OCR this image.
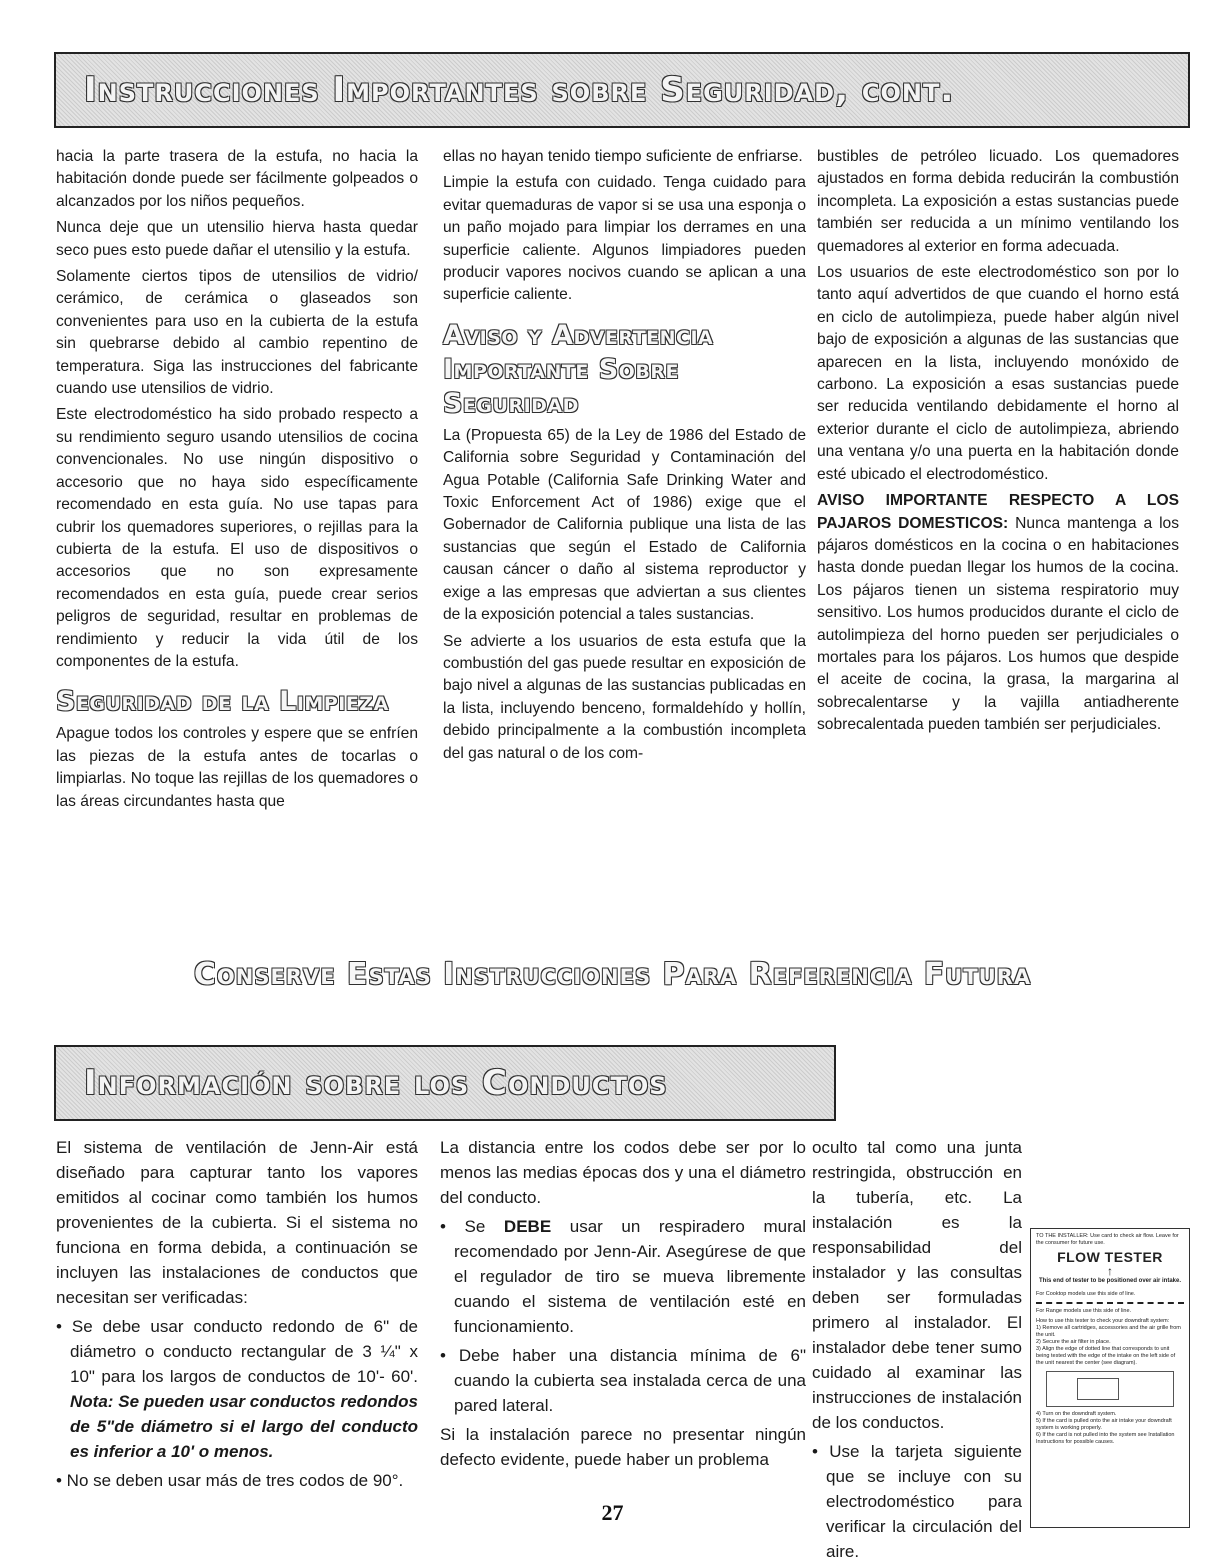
Instrucciones Importantes sobre Seguridad, cont.

hacia la parte trasera de la estufa, no hacia la habitación donde puede ser fácilmente golpeados o alcanzados por los niños pequeños.

Nunca deje que un utensilio hierva hasta quedar seco pues esto puede dañar el utensilio y la estufa.

Solamente ciertos tipos de utensilios de vidrio/ cerámico, de cerámica o glaseados son convenientes para uso en la cubierta de la estufa sin quebrarse debido al cambio repentino de temperatura. Siga las instrucciones del fabricante cuando use utensilios de vidrio.

Este electrodoméstico ha sido probado respecto a su rendimiento seguro usando utensilios de cocina convencionales. No use ningún dispositivo o accesorio que no haya sido específicamente recomendado en esta guía. No use tapas para cubrir los quemadores superiores, o rejillas para la cubierta de la estufa. El uso de dispositivos o accesorios que no son expresamente recomendados en esta guía, puede crear serios peligros de seguridad, resultar en problemas de rendimiento y reducir la vida útil de los componentes de la estufa.

Seguridad de la Limpieza

Apague todos los controles y espere que se enfríen las piezas de la estufa antes de tocarlas o limpiarlas. No toque las rejillas de los quemadores o las áreas circundantes hasta que

ellas no hayan tenido tiempo suficiente de enfriarse.

Limpie la estufa con cuidado. Tenga cuidado para evitar quemaduras de vapor si se usa una esponja o un paño mojado para limpiar los derrames en una superficie caliente. Algunos limpiadores pueden producir vapores nocivos cuando se aplican a una superficie caliente.

Aviso y Advertencia Importante Sobre Seguridad

La (Propuesta 65) de la Ley de 1986 del Estado de California sobre Seguridad y Contaminación del Agua Potable (California Safe Drinking Water and Toxic Enforcement Act of 1986) exige que el Gobernador de California publique una lista de las sustancias que según el Estado de California causan cáncer o daño al sistema reproductor y exige a las empresas que adviertan a sus clientes de la exposición potencial a tales sustancias.

Se advierte a los usuarios de esta estufa que la combustión del gas puede resultar en exposición de bajo nivel a algunas de las sustancias publicadas en la lista, incluyendo benceno, formaldehído y hollín, debido principalmente a la combustión incompleta del gas natural o de los com-

bustibles de petróleo licuado. Los quemadores ajustados en forma debida reducirán la combustión incompleta. La exposición a estas sustancias puede también ser reducida a un mínimo ventilando los quemadores al exterior en forma adecuada.

Los usuarios de este electrodoméstico son por lo tanto aquí advertidos de que cuando el horno está en ciclo de autolimpieza, puede haber algún nivel bajo de exposición a algunas de las sustancias que aparecen en la lista, incluyendo monóxido de carbono. La exposición a esas sustancias puede ser reducida ventilando debidamente el horno al exterior durante el ciclo de autolimpieza, abriendo una ventana y/o una puerta en la habitación donde esté ubicado el electrodoméstico.

AVISO IMPORTANTE RESPECTO A LOS PAJAROS DOMESTICOS: Nunca mantenga a los pájaros domésticos en la cocina o en habitaciones hasta donde puedan llegar los humos de la cocina. Los pájaros tienen un sistema respiratorio muy sensitivo. Los humos producidos durante el ciclo de autolimpieza del horno pueden ser perjudiciales o mortales para los pájaros. Los humos que despide el aceite de cocina, la grasa, la margarina al sobrecalentarse y la vajilla antiadherente sobrecalentada pueden también ser perjudiciales.

Conserve Estas Instrucciones Para Referencia Futura
Información sobre los Conductos

El sistema de ventilación de Jenn-Air está diseñado para capturar tanto los vapores emitidos al cocinar como también los humos provenientes de la cubierta. Si el sistema no funciona en forma debida, a continuación se incluyen las instalaciones de conductos que necesitan ser verificadas:

• Se debe usar conducto redondo de 6" de diámetro o conducto rectangular de 3 ¼" x 10" para los largos de conductos de 10'- 60'. Nota: Se pueden usar conductos redondos de 5"de diámetro si el largo del conducto es inferior a 10' o menos.

• No se deben usar más de tres codos de 90°.

La distancia entre los codos debe ser por lo menos las medias épocas dos y una el diámetro del conducto.

• Se DEBE usar un respiradero mural recomendado por Jenn-Air. Asegúrese de que el regulador de tiro se mueva libremente cuando el sistema de ventilación esté en funcionamiento.

• Debe haber una distancia mínima de 6" cuando la cubierta sea instalada cerca de una pared lateral.

Si la instalación parece no presentar ningún defecto evidente, puede haber un problema

oculto tal como una junta restringida, obstrucción en la tubería, etc. La instalación es la responsabilidad del instalador y las consultas deben ser formuladas primero al instalador. El instalador debe tener sumo cuidado al examinar las instrucciones de instalación de los conductos.

• Use la tarjeta siguiente que se incluye con su electrodoméstico para verificar la circulación del aire.

TO THE INSTALLER: Use card to check air flow. Leave for the consumer for future use.
FLOW TESTER
↑
This end of tester to be positioned over air intake.
For Cooktop models use this side of line.
For Range models use this side of line.
How to use this tester to check your downdraft system:
1) Remove all cartridges, accessories and the air grille from the unit.
2) Secure the air filter in place.
3) Align the edge of dotted line that corresponds to unit being tested with the edge of the intake on the left side of the unit nearest the center (see diagram).
4) Turn on the downdraft system.
5) If the card is pulled onto the air intake your downdraft system is working properly.
6) If the card is not pulled into the system see Installation Instructions for possible causes.
27
